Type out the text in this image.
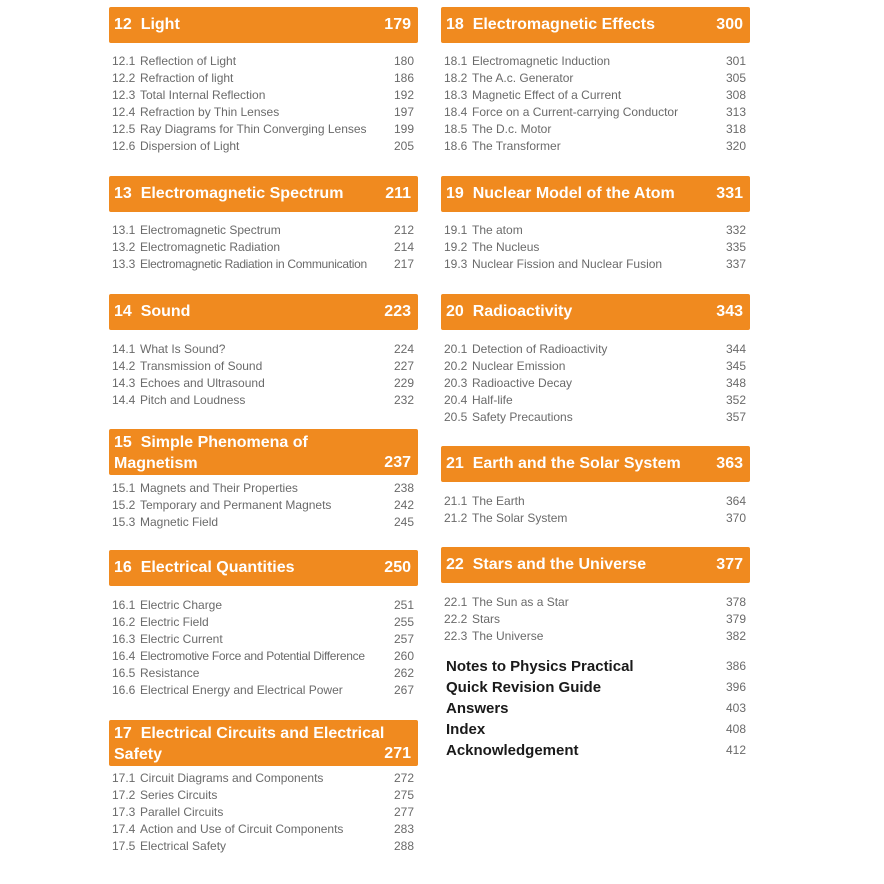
12 Light	179
12.1 Reflection of Light	180
12.2 Refraction of light	186
12.3 Total Internal Reflection	192
12.4 Refraction by Thin Lenses	197
12.5 Ray Diagrams for Thin Converging Lenses 199
12.6 Dispersion of Light	205
13 Electromagnetic Spectrum	211
13.1 Electromagnetic Spectrum	212
13.2 Electromagnetic Radiation	214
13.3 Electromagnetic Radiation in Communication 217
14 Sound	223
14.1 What Is Sound?	224
14.2 Transmission of Sound	227
14.3 Echoes and Ultrasound	229
14.4 Pitch and Loudness	232
15 Simple Phenomena of Magnetism	237
15.1 Magnets and Their Properties	238
15.2 Temporary and Permanent Magnets	242
15.3 Magnetic Field	245
16 Electrical Quantities	250
16.1 Electric Charge	251
16.2 Electric Field	255
16.3 Electric Current	257
16.4 Electromotive Force and Potential Difference 260
16.5 Resistance	262
16.6 Electrical Energy and Electrical Power	267
17 Electrical Circuits and Electrical Safety	271
17.1 Circuit Diagrams and Components	272
17.2 Series Circuits	275
17.3 Parallel Circuits	277
17.4 Action and Use of Circuit Components	283
17.5 Electrical Safety	288
18 Electromagnetic Effects	300
18.1 Electromagnetic Induction	301
18.2 The A.c. Generator	305
18.3 Magnetic Effect of a Current	308
18.4 Force on a Current-carrying Conductor	313
18.5 The D.c. Motor	318
18.6 The Transformer	320
19 Nuclear Model of the Atom	331
19.1 The atom	332
19.2 The Nucleus	335
19.3 Nuclear Fission and Nuclear Fusion	337
20 Radioactivity	343
20.1 Detection of Radioactivity	344
20.2 Nuclear Emission	345
20.3 Radioactive Decay	348
20.4 Half-life	352
20.5 Safety Precautions	357
21 Earth and the Solar System 363
21.1 The Earth	364
21.2 The Solar System	370
22 Stars and the Universe	377
22.1 The Sun as a Star	378
22.2 Stars	379
22.3 The Universe	382
Notes to Physics Practical	386
Quick Revision Guide	396
Answers	403
Index	408
Acknowledgement	412
